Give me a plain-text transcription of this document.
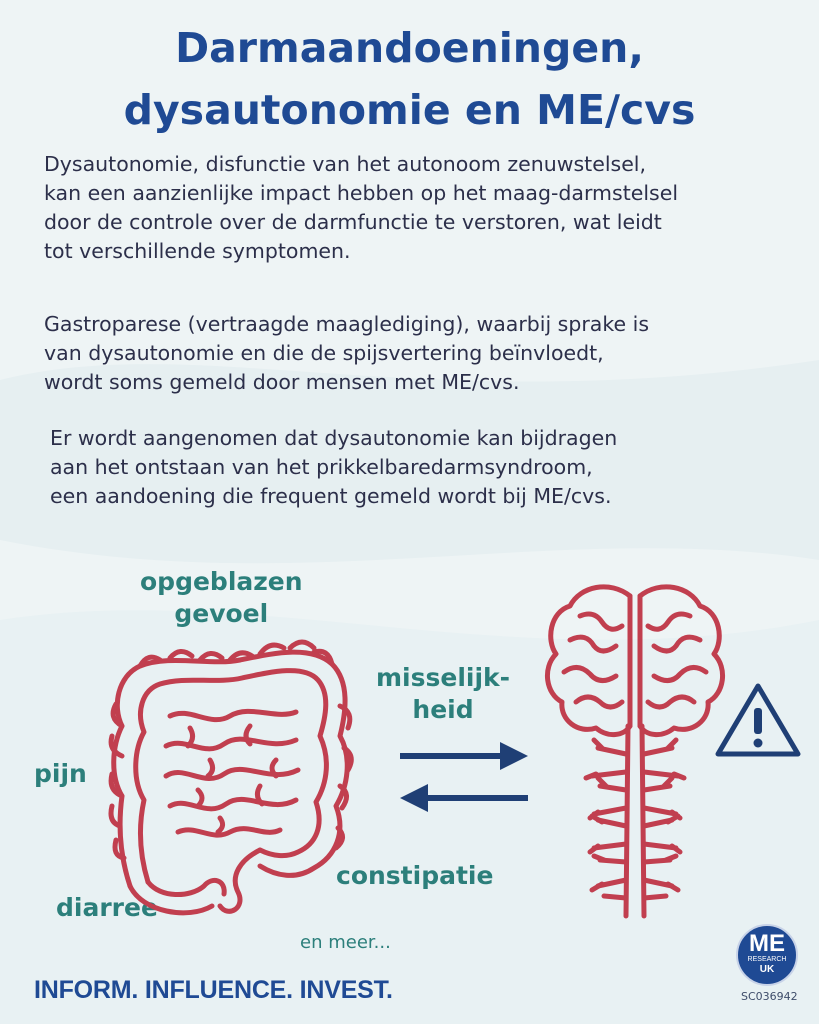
Darmaandoeningen,
dysautonomie en ME/cvs
Dysautonomie, disfunctie van het autonoom zenuwstelsel,
kan een aanzienlijke impact hebben op het maag-darmstelsel
door de controle over de darmfunctie te verstoren, wat leidt
tot verschillende symptomen.
Gastroparese (vertraagde maaglediging), waarbij sprake is
van dysautonomie en die de spijsvertering beïnvloedt,
wordt soms gemeld door mensen met ME/cvs.
Er wordt aangenomen dat dysautonomie kan bijdragen
aan het ontstaan van het prikkelbaredarmsyndroom,
een aandoening die frequent gemeld wordt bij ME/cvs.
opgeblazen
gevoel
misselijk-
heid
pijn
constipatie
diarree
en meer...
INFORM. INFLUENCE. INVEST.
ME
RESEARCH
UK
SC036942
